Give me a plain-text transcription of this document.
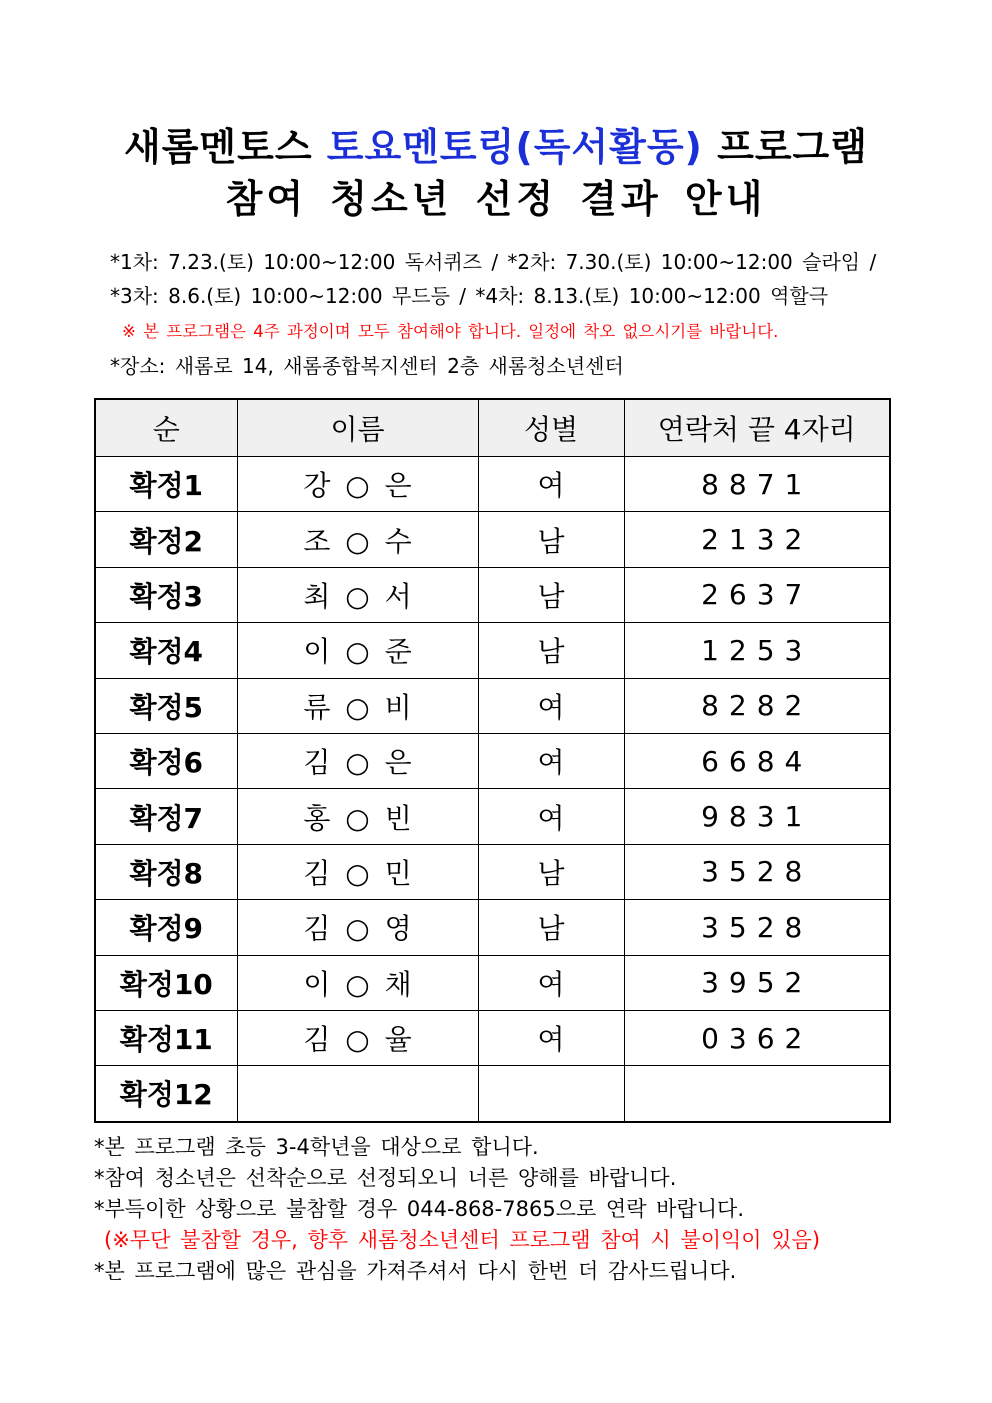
새롬멘토스 토요멘토링(독서활동) 프로그램
참여 청소년 선정 결과 안내
*1차: 7.23.(토) 10:00~12:00 독서퀴즈 / *2차: 7.30.(토) 10:00~12:00 슬라임 /
*3차: 8.6.(토) 10:00~12:00 무드등 / *4차: 8.13.(토) 10:00~12:00 역할극
※ 본 프로그램은 4주 과정이며 모두 참여해야 합니다. 일정에 착오 없으시기를 바랍니다.
*장소: 새롬로 14, 새롬종합복지센터 2층 새롬청소년센터
순	이름	성별	연락처 끝 4자리
확정1	강 ○ 은	여	8871
확정2	조 ○ 수	남	2132
확정3	최 ○ 서	남	2637
확정4	이 ○ 준	남	1253
확정5	류 ○ 비	여	8282
확정6	김 ○ 은	여	6684
확정7	홍 ○ 빈	여	9831
확정8	김 ○ 민	남	3528
확정9	김 ○ 영	남	3528
확정10	이 ○ 채	여	3952
확정11	김 ○ 율	여	0362
확정12			
*본 프로그램 초등 3-4학년을 대상으로 합니다.
*참여 청소년은 선착순으로 선정되오니 너른 양해를 바랍니다.
*부득이한 상황으로 불참할 경우 044-868-7865으로 연락 바랍니다.
(※무단 불참할 경우, 향후 새롬청소년센터 프로그램 참여 시 불이익이 있음)
*본 프로그램에 많은 관심을 가져주셔서 다시 한번 더 감사드립니다.
